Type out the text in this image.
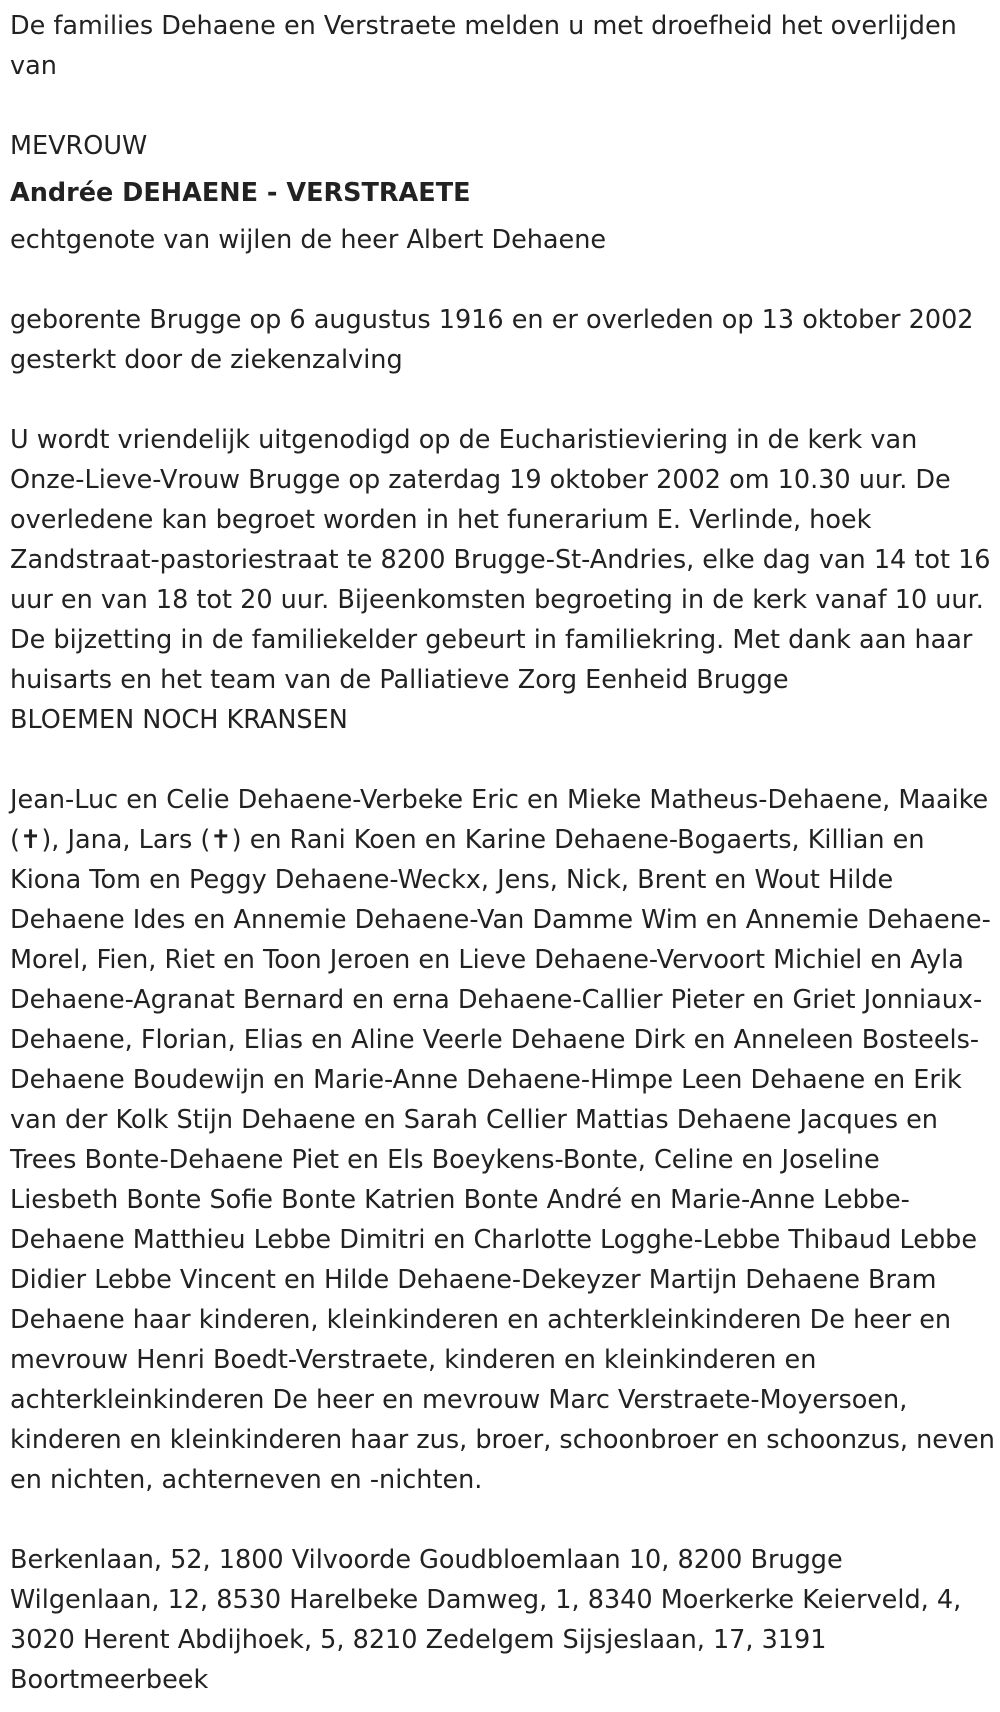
De families Dehaene en Verstraete melden u met droefheid het overlijden van

MEVROUW

Andrée DEHAENE - VERSTRAETE

echtgenote van wijlen de heer Albert Dehaene

geborente Brugge op 6 augustus 1916 en er overleden op 13 oktober 2002 gesterkt door de ziekenzalving

U wordt vriendelijk uitgenodigd op de Eucharistieviering in de kerk van Onze-Lieve-Vrouw Brugge op zaterdag 19 oktober 2002 om 10.30 uur. De overledene kan begroet worden in het funerarium E. Verlinde, hoek Zandstraat-pastoriestraat te 8200 Brugge-St-Andries, elke dag van 14 tot 16 uur en van 18 tot 20 uur. Bijeenkomsten begroeting in de kerk vanaf 10 uur. De bijzetting in de familiekelder gebeurt in familiekring. Met dank aan haar huisarts en het team van de Palliatieve Zorg Eenheid Brugge

BLOEMEN NOCH KRANSEN

Jean-Luc en Celie Dehaene-Verbeke Eric en Mieke Matheus-Dehaene, Maaike (✝), Jana, Lars (✝) en Rani Koen en Karine Dehaene-Bogaerts, Killian en Kiona Tom en Peggy Dehaene-Weckx, Jens, Nick, Brent en Wout Hilde Dehaene Ides en Annemie Dehaene-Van Damme Wim en Annemie Dehaene-Morel, Fien, Riet en Toon Jeroen en Lieve Dehaene-Vervoort Michiel en Ayla Dehaene-Agranat Bernard en erna Dehaene-Callier Pieter en Griet Jonniaux-Dehaene, Florian, Elias en Aline Veerle Dehaene Dirk en Anneleen Bosteels-Dehaene Boudewijn en Marie-Anne Dehaene-Himpe Leen Dehaene en Erik van der Kolk Stijn Dehaene en Sarah Cellier Mattias Dehaene Jacques en Trees Bonte-Dehaene Piet en Els Boeykens-Bonte, Celine en Joseline Liesbeth Bonte Sofie Bonte Katrien Bonte André en Marie-Anne Lebbe-Dehaene Matthieu Lebbe Dimitri en Charlotte Logghe-Lebbe Thibaud Lebbe Didier Lebbe Vincent en Hilde Dehaene-Dekeyzer Martijn Dehaene Bram Dehaene haar kinderen, kleinkinderen en achterkleinkinderen De heer en mevrouw Henri Boedt-Verstraete, kinderen en kleinkinderen en achterkleinkinderen De heer en mevrouw Marc Verstraete-Moyersoen, kinderen en kleinkinderen haar zus, broer, schoonbroer en schoonzus, neven en nichten, achterneven en -nichten.

Berkenlaan, 52, 1800 Vilvoorde Goudbloemlaan 10, 8200 Brugge Wilgenlaan, 12, 8530 Harelbeke Damweg, 1, 8340 Moerkerke Keierveld, 4, 3020 Herent Abdijhoek, 5, 8210 Zedelgem Sijsjeslaan, 17, 3191 Boortmeerbeek
